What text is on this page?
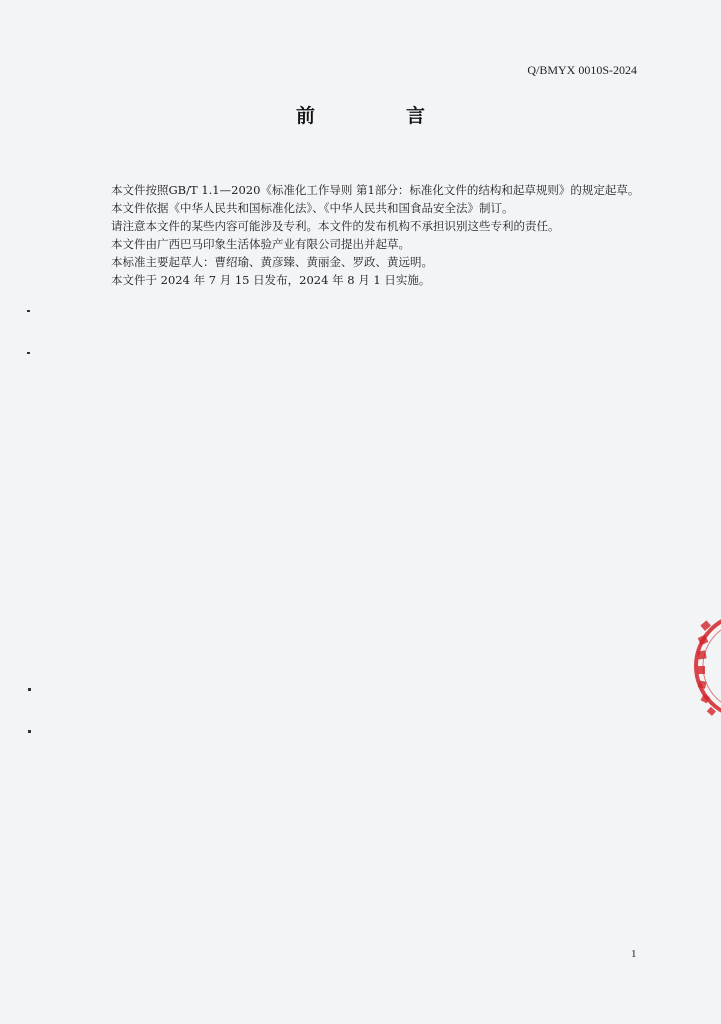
Q/BMYX 0010S-2024
前　言

本文件按照GB/T 1.1—2020《标准化工作导则 第1部分：标准化文件的结构和起草规则》的规定起草。

本文件依据《中华人民共和国标准化法》、《中华人民共和国食品安全法》制订。

请注意本文件的某些内容可能涉及专利。本文件的发布机构不承担识别这些专利的责任。

本文件由广西巴马印象生活体验产业有限公司提出并起草。

本标准主要起草人：曹绍瑜、黄彦臻、黄丽金、罗政、黄远明。

本文件于 2024 年 7 月 15 日发布，2024 年 8 月 1 日实施。

1
